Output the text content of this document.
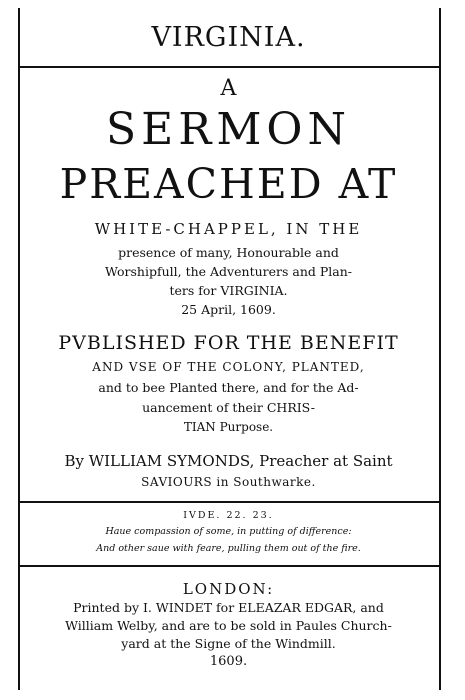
VIRGINIA.
A
SERMON
PREACHED AT
WHITE-CHAPPEL, IN THE
presence of many, Honourable and
Worshipfull, the Adventurers and Plan-
ters for VIRGINIA.
25 April, 1609.
PVBLISHED FOR THE BENEFIT
AND VSE OF THE COLONY, PLANTED,
and to bee Planted there, and for the Ad-
uancement of their CHRIS-
TIAN Purpose.
By WILLIAM SYMONDS, Preacher at Saint
SAVIOURS in Southwarke.
IVDE. 22. 23.
Haue compassion of some, in putting of difference:
And other saue with feare, pulling them out of the fire.
LONDON:
Printed by I. WINDET for ELEAZAR EDGAR, and
William Welby, and are to be sold in Paules Church-
yard at the Signe of the Windmill.
1609.
